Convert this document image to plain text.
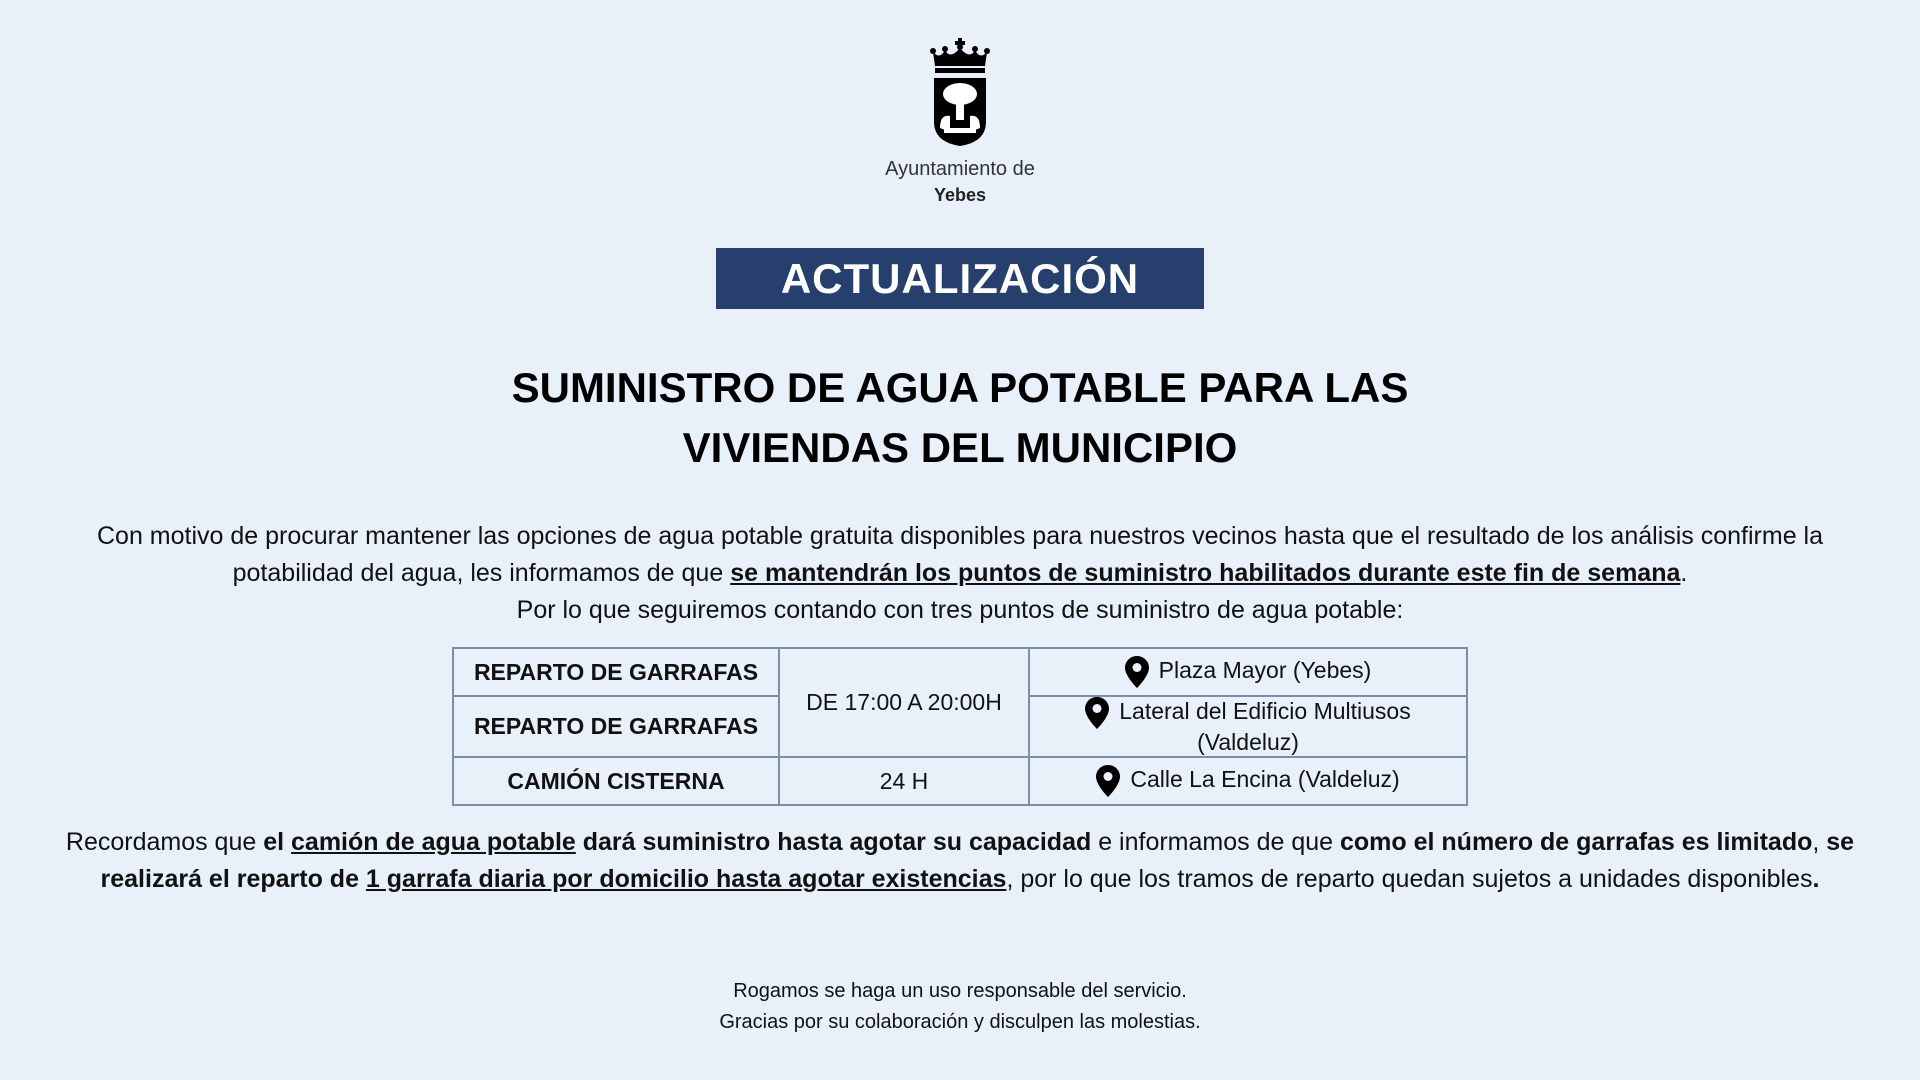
Ayuntamiento de
Yebes
ACTUALIZACIÓN
SUMINISTRO DE AGUA POTABLE PARA LAS
VIVIENDAS DEL MUNICIPIO
Con motivo de procurar mantener las opciones de agua potable gratuita disponibles para nuestros vecinos hasta que el resultado de los análisis confirme la potabilidad del agua, les informamos de que se mantendrán los puntos de suministro habilitados durante este fin de semana.
Por lo que seguiremos contando con tres puntos de suministro de agua potable:
REPARTO DE GARRAFAS	DE 17:00 A 20:00H	Plaza Mayor (Yebes)
REPARTO DE GARRAFAS		Lateral del Edificio Multiusos (Valdeluz)
CAMIÓN CISTERNA	24 H	Calle La Encina (Valdeluz)
Recordamos que el camión de agua potable dará suministro hasta agotar su capacidad e informamos de que como el número de garrafas es limitado, se realizará el reparto de 1 garrafa diaria por domicilio hasta agotar existencias, por lo que los tramos de reparto quedan sujetos a unidades disponibles.
Rogamos se haga un uso responsable del servicio.
Gracias por su colaboración y disculpen las molestias.
